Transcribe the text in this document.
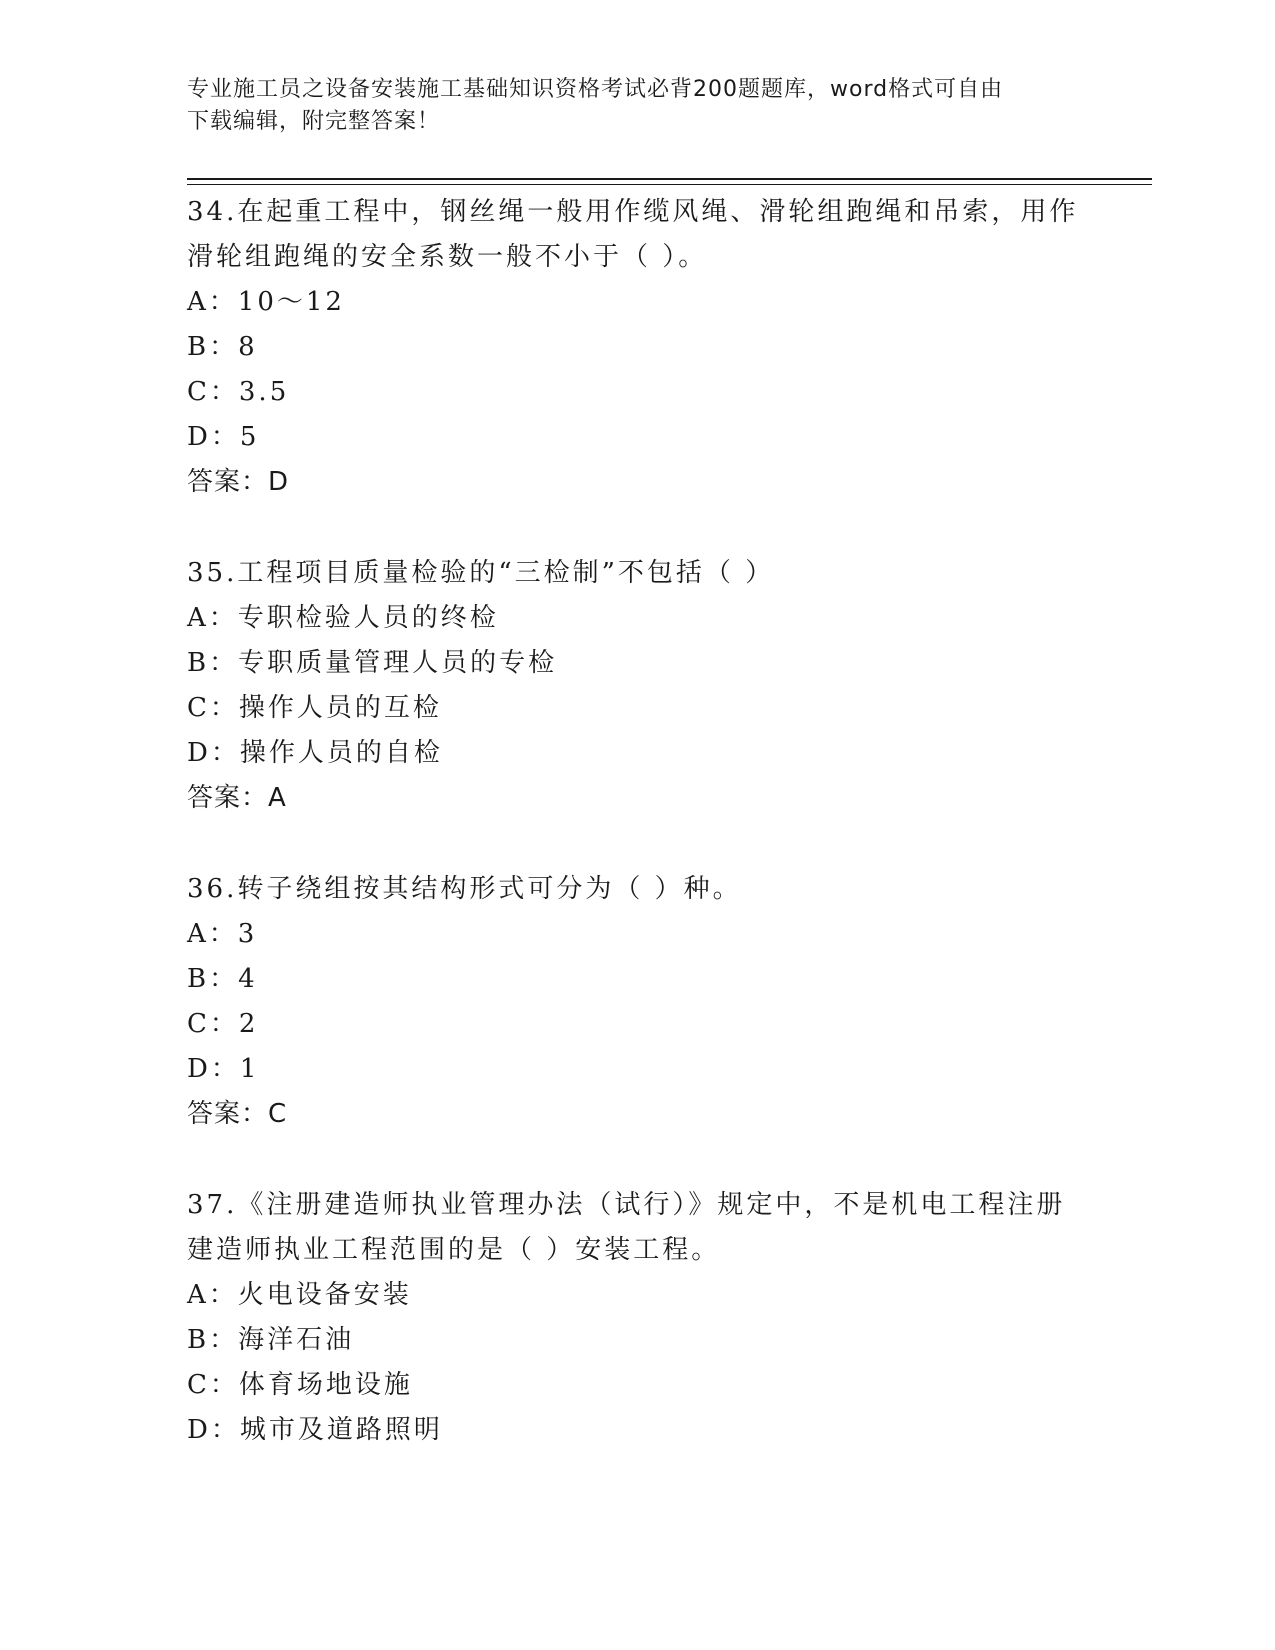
专业施工员之设备安装施工基础知识资格考试必背200题题库，word格式可自由
下载编辑，附完整答案！

34.在起重工程中，钢丝绳一般用作缆风绳、滑轮组跑绳和吊索，用作

滑轮组跑绳的安全系数一般不小于（ ）。

A：10～12

B：8

C：3.5

D：5

答案：D

35.工程项目质量检验的“三检制”不包括（ ）

A：专职检验人员的终检

B：专职质量管理人员的专检

C：操作人员的互检

D：操作人员的自检

答案：A

36.转子绕组按其结构形式可分为（ ）种。

A：3

B：4

C：2

D：1

答案：C

37.《注册建造师执业管理办法（试行）》规定中，不是机电工程注册

建造师执业工程范围的是（ ）安装工程。

A：火电设备安装

B：海洋石油

C：体育场地设施

D：城市及道路照明
